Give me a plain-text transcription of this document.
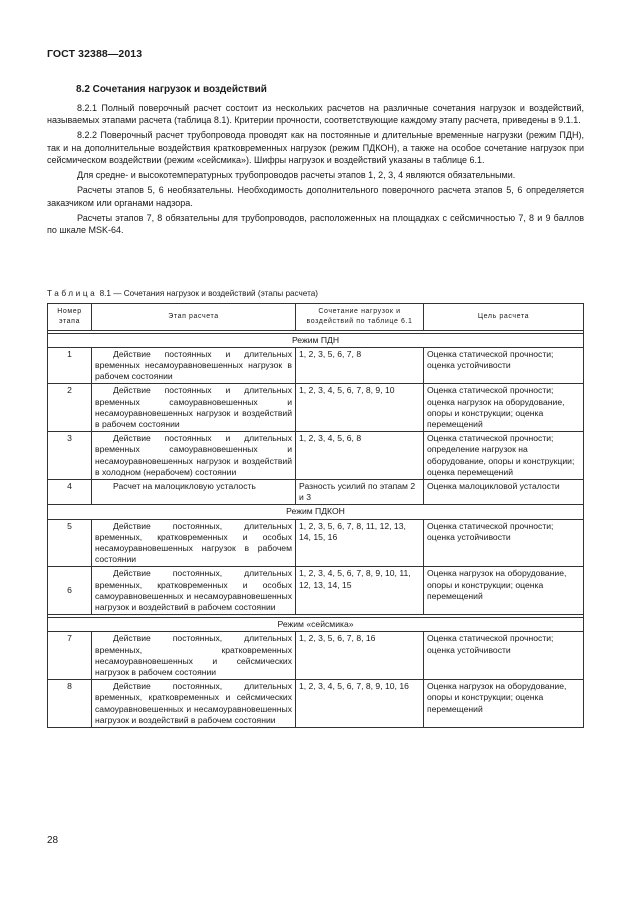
ГОСТ 32388—2013
8.2 Сочетания нагрузок и воздействий

8.2.1 Полный поверочный расчет состоит из нескольких расчетов на различные сочетания нагрузок и воздействий, называемых этапами расчета (таблица 8.1). Критерии прочности, соответствующие каждому этапу расчета, приведены в 9.1.1.

8.2.2 Поверочный расчет трубопровода проводят как на постоянные и длительные временные нагрузки (режим ПДН), так и на дополнительные воздействия кратковременных нагрузок (режим ПДКОН), а также на особое сочетание нагрузок при сейсмическом воздействии (режим «сейсмика»). Шифры нагрузок и воздействий указаны в таблице 6.1.

Для средне- и высокотемпературных трубопроводов расчеты этапов 1, 2, 3, 4 являются обязательными.

Расчеты этапов 5, 6 необязательны. Необходимость дополнительного поверочного расчета этапов 5, 6 определяется заказчиком или органами надзора.

Расчеты этапов 7, 8 обязательны для трубопроводов, расположенных на площадках с сейсмичностью 7, 8 и 9 баллов по шкале MSK-64.

Таблица 8.1 — Сочетания нагрузок и воздействий (этапы расчета)
Номер этапа	Этап расчета	Сочетание нагрузок и воздействий по таблице 6.1	Цель расчета

Режим ПДН			
1	Действие постоянных и длительных временных несамоуравновешенных нагрузок в рабочем состоянии	1, 2, 3, 5, 6, 7, 8	Оценка статической прочности; оценка устойчивости
2	Действие постоянных и длительных временных самоуравновешенных и несамоуравновешенных нагрузок и воздействий в рабочем состоянии	1, 2, 3, 4, 5, 6, 7, 8, 9, 10	Оценка статической прочности; оценка нагрузок на оборудование, опоры и конструкции; оценка перемещений
3	Действие постоянных и длительных временных самоуравновешенных и несамоуравновешенных нагрузок и воздействий в холодном (нерабочем) состоянии	1, 2, 3, 4, 5, 6, 8	Оценка статической прочности; определение нагрузок на оборудование, опоры и конструкции; оценка перемещений
4	Расчет на малоцикловую усталость	Разность усилий по этапам 2 и 3	Оценка малоцикловой усталости
Режим ПДКОН			
5	Действие постоянных, длительных временных, кратковременных и особых несамоуравновешенных нагрузок в рабочем состоянии	1, 2, 3, 5, 6, 7, 8, 11, 12, 13, 14, 15, 16	Оценка статической прочности; оценка устойчивости
6	Действие постоянных, длительных временных, кратковременных и особых самоуравновешенных и несамоуравновешенных нагрузок и воздействий в рабочем состоянии	1, 2, 3, 4, 5, 6, 7, 8, 9, 10, 11, 12, 13, 14, 15	Оценка нагрузок на оборудование, опоры и конструкции; оценка перемещений

Режим «сейсмика»			
7	Действие постоянных, длительных временных, кратковременных несамоуравновешенных и сейсмических нагрузок в рабочем состоянии	1, 2, 3, 5, 6, 7, 8, 16	Оценка статической прочности; оценка устойчивости
8	Действие постоянных, длительных временных, кратковременных и сейсмических самоуравновешенных и несамоуравновешенных нагрузок и воздействий в рабочем состоянии	1, 2, 3, 4, 5, 6, 7, 8, 9, 10, 16	Оценка нагрузок на оборудование, опоры и конструкции; оценка перемещений
28
